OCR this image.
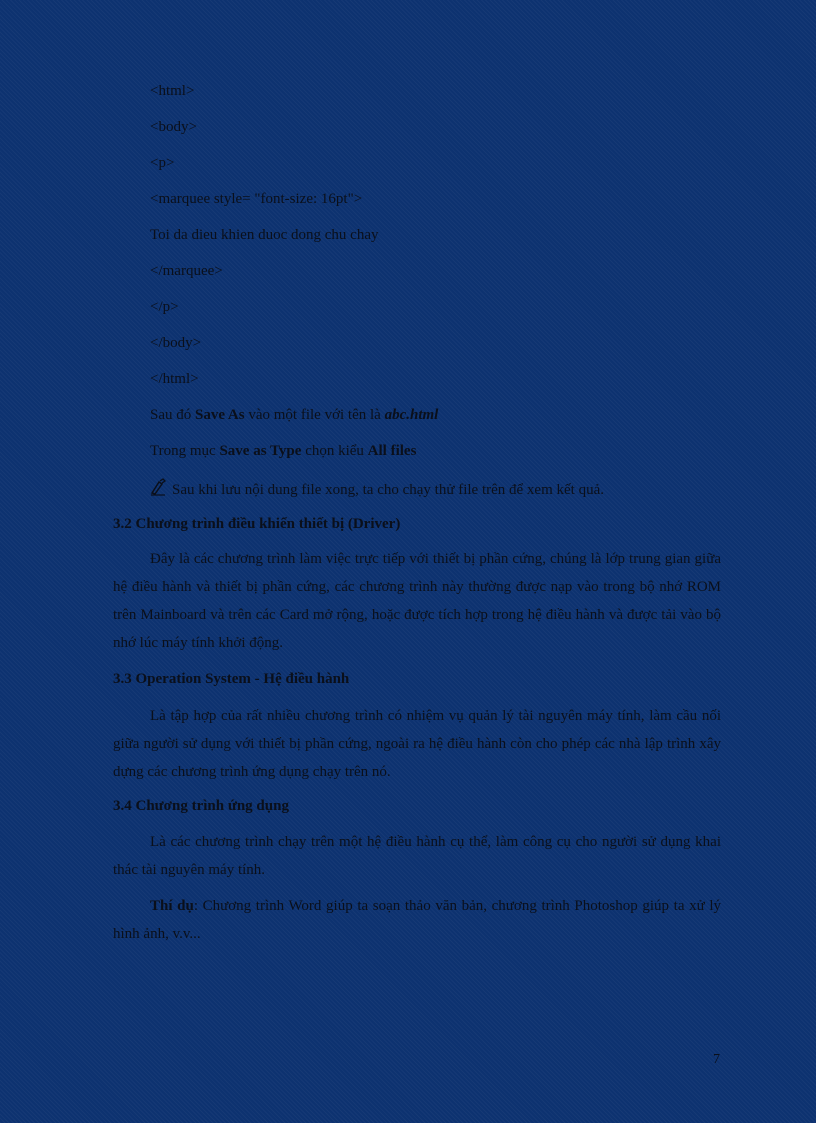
<html>

<body>

<p>

<marquee style= "font-size: 16pt">

Toi da dieu khien duoc dong chu chay

</marquee>

</p>

</body>

</html>

Sau đó Save As vào một file với tên là abc.html

Trong mục Save as Type chọn kiểu All files

Sau khi lưu nội dung file xong, ta cho chạy thử file trên để xem kết quả.

3.2 Chương trình điều khiển thiết bị (Driver)

Đây là các chương trình làm việc trực tiếp với thiết bị phần cứng, chúng là lớp trung gian giữa hệ điều hành và thiết bị phần cứng, các chương trình này thường được nạp vào trong bộ nhớ ROM trên Mainboard và trên các Card mở rộng, hoặc được tích hợp trong hệ điều hành và được tải vào bộ nhớ lúc máy tính khởi động.

3.3 Operation System - Hệ điều hành

Là tập hợp của rất nhiều chương trình có nhiệm vụ quản lý tài nguyên máy tính, làm cầu nối giữa người sử dụng với thiết bị phần cứng, ngoài ra hệ điều hành còn cho phép các nhà lập trình xây dựng các chương trình ứng dụng chạy trên nó.

3.4 Chương trình ứng dụng

Là các chương trình chạy trên một hệ điều hành cụ thể, làm công cụ cho người sử dụng khai thác tài nguyên máy tính.

Thí dụ: Chương trình Word giúp ta soạn thảo văn bản, chương trình Photoshop giúp ta xử lý hình ảnh, v.v...

7
